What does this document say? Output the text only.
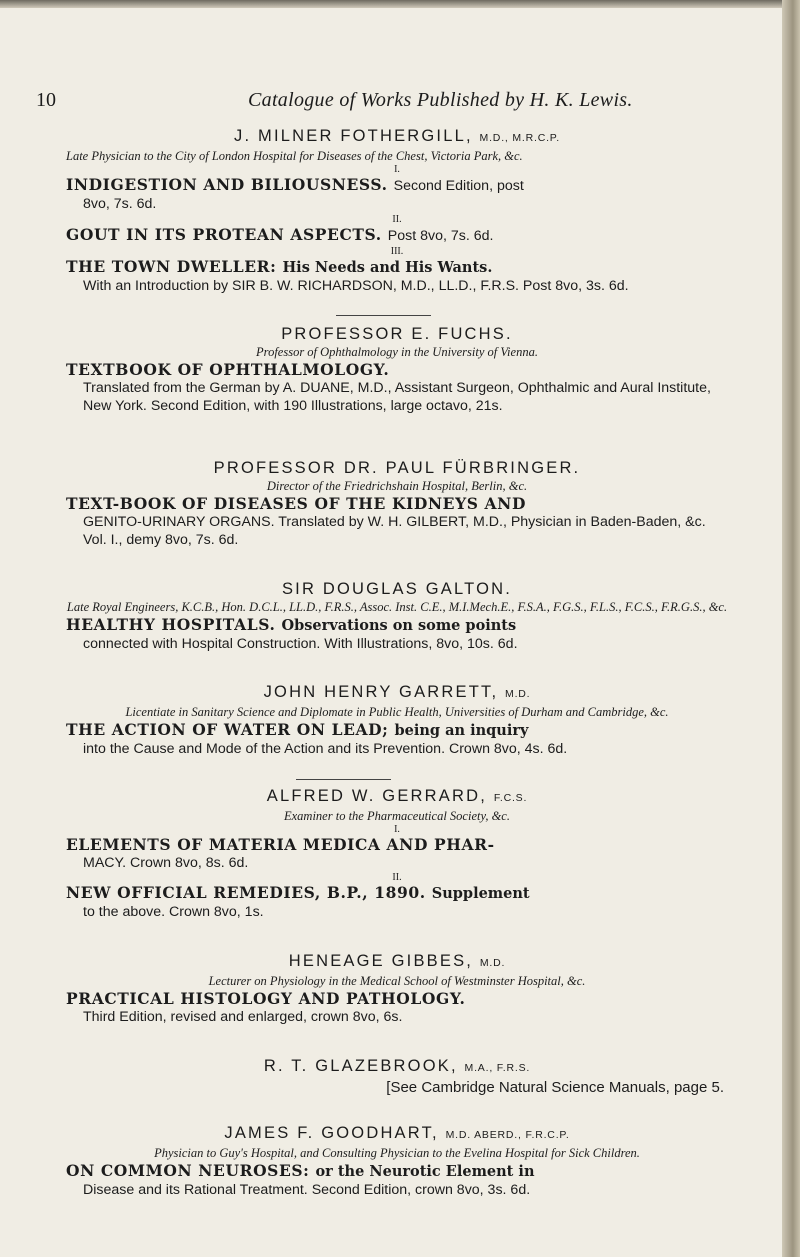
10	Catalogue of Works Published by H. K. Lewis.
J. MILNER FOTHERGILL, M.D., M.R.C.P.
Late Physician to the City of London Hospital for Diseases of the Chest, Victoria Park, &c.
I.
INDIGESTION AND BILIOUSNESS. Second Edition, post
8vo, 7s. 6d.
II.
GOUT IN ITS PROTEAN ASPECTS. Post 8vo, 7s. 6d.
III.
THE TOWN DWELLER: His Needs and His Wants.
With an Introduction by SIR B. W. RICHARDSON, M.D., LL.D., F.R.S. Post 8vo, 3s. 6d.
PROFESSOR E. FUCHS.
Professor of Ophthalmology in the University of Vienna.
TEXTBOOK OF OPHTHALMOLOGY.
Translated from the German by A. DUANE, M.D., Assistant Surgeon, Ophthalmic and Aural Institute, New York. Second Edition, with 190 Illustrations, large octavo, 21s.
PROFESSOR DR. PAUL FÜRBRINGER.
Director of the Friedrichshain Hospital, Berlin, &c.
TEXT-BOOK OF DISEASES OF THE KIDNEYS AND
GENITO-URINARY ORGANS. Translated by W. H. GILBERT, M.D., Physician in Baden-Baden, &c. Vol. I., demy 8vo, 7s. 6d.
SIR DOUGLAS GALTON.
Late Royal Engineers, K.C.B., Hon. D.C.L., LL.D., F.R.S., Assoc. Inst. C.E., M.I.Mech.E., F.S.A., F.G.S., F.L.S., F.C.S., F.R.G.S., &c.
HEALTHY HOSPITALS. Observations on some points
connected with Hospital Construction. With Illustrations, 8vo, 10s. 6d.
JOHN HENRY GARRETT, M.D.
Licentiate in Sanitary Science and Diplomate in Public Health, Universities of Durham and Cambridge, &c.
THE ACTION OF WATER ON LEAD; being an inquiry
into the Cause and Mode of the Action and its Prevention. Crown 8vo, 4s. 6d.
ALFRED W. GERRARD, F.C.S.
Examiner to the Pharmaceutical Society, &c.
I.
ELEMENTS OF MATERIA MEDICA AND PHAR-
MACY. Crown 8vo, 8s. 6d.
II.
NEW OFFICIAL REMEDIES, B.P., 1890. Supplement
to the above. Crown 8vo, 1s.
HENEAGE GIBBES, M.D.
Lecturer on Physiology in the Medical School of Westminster Hospital, &c.
PRACTICAL HISTOLOGY AND PATHOLOGY.
Third Edition, revised and enlarged, crown 8vo, 6s.
R. T. GLAZEBROOK, M.A., F.R.S.
[See Cambridge Natural Science Manuals, page 5.
JAMES F. GOODHART, M.D. ABERD., F.R.C.P.
Physician to Guy's Hospital, and Consulting Physician to the Evelina Hospital for Sick Children.
ON COMMON NEUROSES: or the Neurotic Element in
Disease and its Rational Treatment. Second Edition, crown 8vo, 3s. 6d.
